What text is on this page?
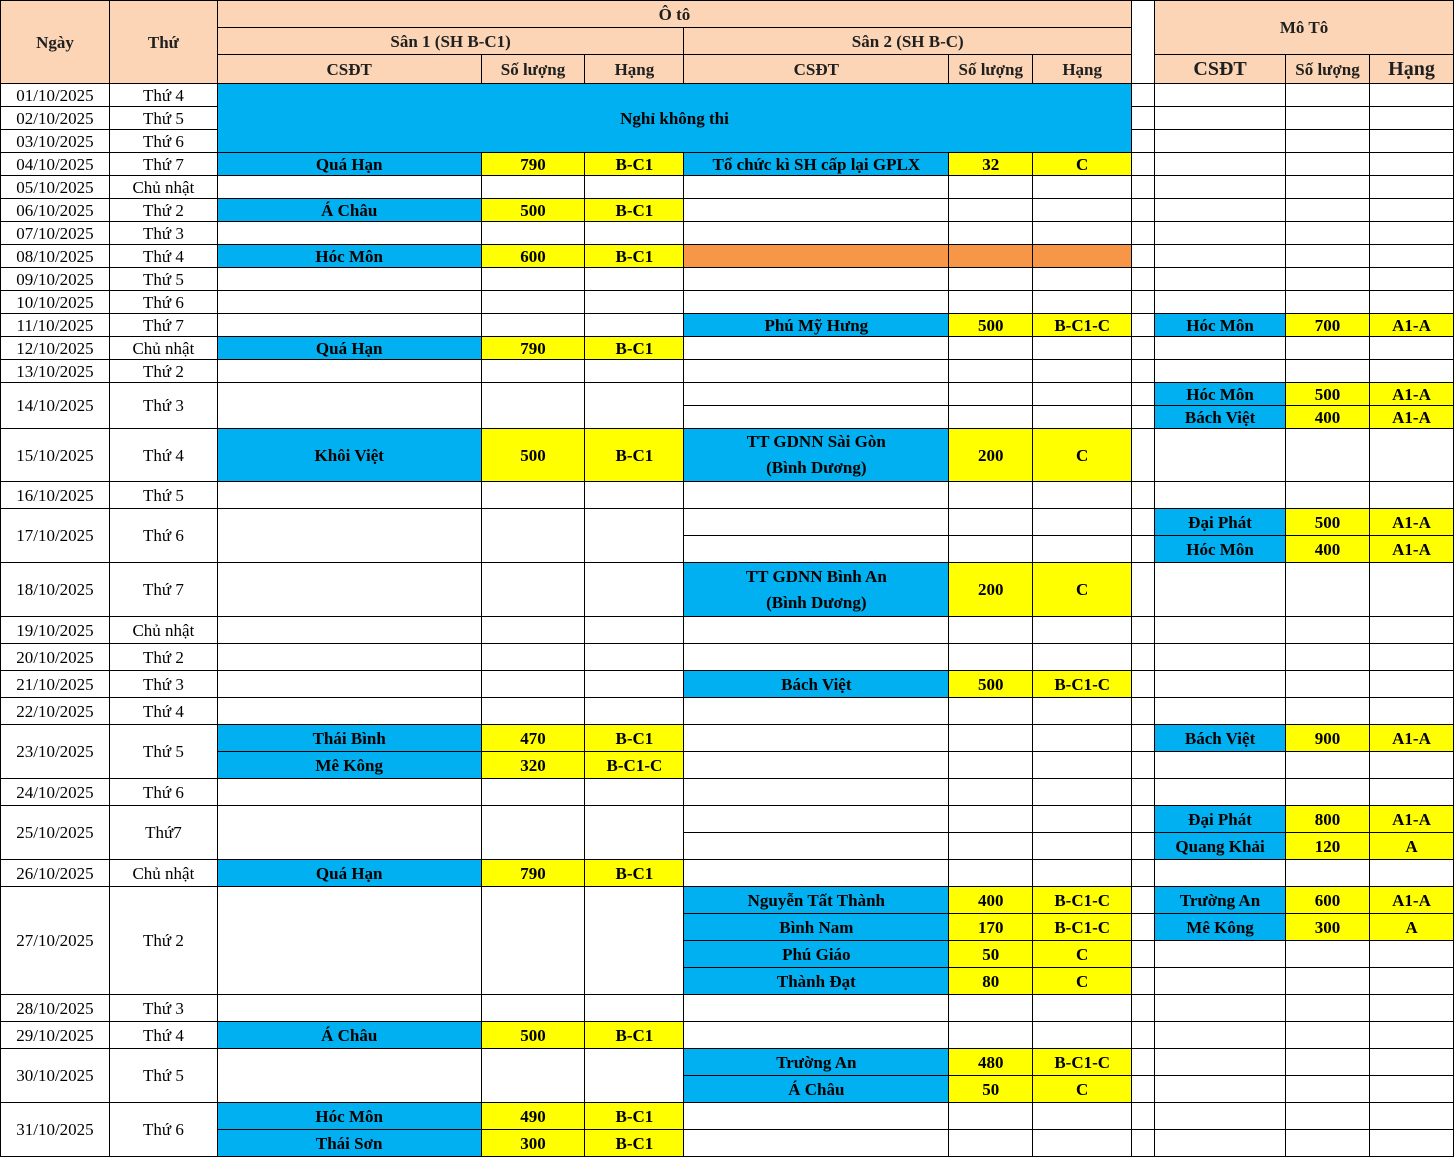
Ngày	Thứ	Ô tô							Mô Tô		
		Sân 1 (SH B-C1)			Sân 2 (SH B-C)						
		CSĐT	Số lượng	Hạng	CSĐT	Số lượng	Hạng		CSĐT	Số lượng	Hạng
01/10/2025	Thứ 4	Nghỉ không thi									
02/10/2025	Thứ 5										
03/10/2025	Thứ 6										
04/10/2025	Thứ 7	Quá Hạn	790	B-C1	Tổ chức kì SH cấp lại GPLX	32	C				
05/10/2025	Chủ nhật										
06/10/2025	Thứ 2	Á Châu	500	B-C1							
07/10/2025	Thứ 3										
08/10/2025	Thứ 4	Hóc Môn	600	B-C1							
09/10/2025	Thứ 5										
10/10/2025	Thứ 6										
11/10/2025	Thứ 7				Phú Mỹ Hưng	500	B-C1-C		Hóc Môn	700	A1-A
12/10/2025	Chủ nhật	Quá Hạn	790	B-C1							
13/10/2025	Thứ 2										
14/10/2025	Thứ 3								Hóc Môn	500	A1-A
									Bách Việt	400	A1-A
15/10/2025	Thứ 4	Khôi Việt	500	B-C1	TT GDNN Sài Gòn
(Bình Dương)	200	C				
16/10/2025	Thứ 5										
17/10/2025	Thứ 6								Đại Phát	500	A1-A
									Hóc Môn	400	A1-A
18/10/2025	Thứ 7				TT GDNN Bình An
(Bình Dương)	200	C				
19/10/2025	Chủ nhật										
20/10/2025	Thứ 2										
21/10/2025	Thứ 3				Bách Việt	500	B-C1-C				
22/10/2025	Thứ 4										
23/10/2025	Thứ 5	Thái Bình	470	B-C1					Bách Việt	900	A1-A
		Mê Kông	320	B-C1-C							
24/10/2025	Thứ 6										
25/10/2025	Thứ7								Đại Phát	800	A1-A
									Quang Khải	120	A
26/10/2025	Chủ nhật	Quá Hạn	790	B-C1							
27/10/2025	Thứ 2				Nguyễn Tất Thành	400	B-C1-C		Trường An	600	A1-A
					Bình Nam	170	B-C1-C		Mê Kông	300	A
					Phú Giáo	50	C				
					Thành Đạt	80	C				
28/10/2025	Thứ 3										
29/10/2025	Thứ 4	Á Châu	500	B-C1							
30/10/2025	Thứ 5				Trường An	480	B-C1-C				
					Á Châu	50	C				
31/10/2025	Thứ 6	Hóc Môn	490	B-C1							
		Thái Sơn	300	B-C1							
